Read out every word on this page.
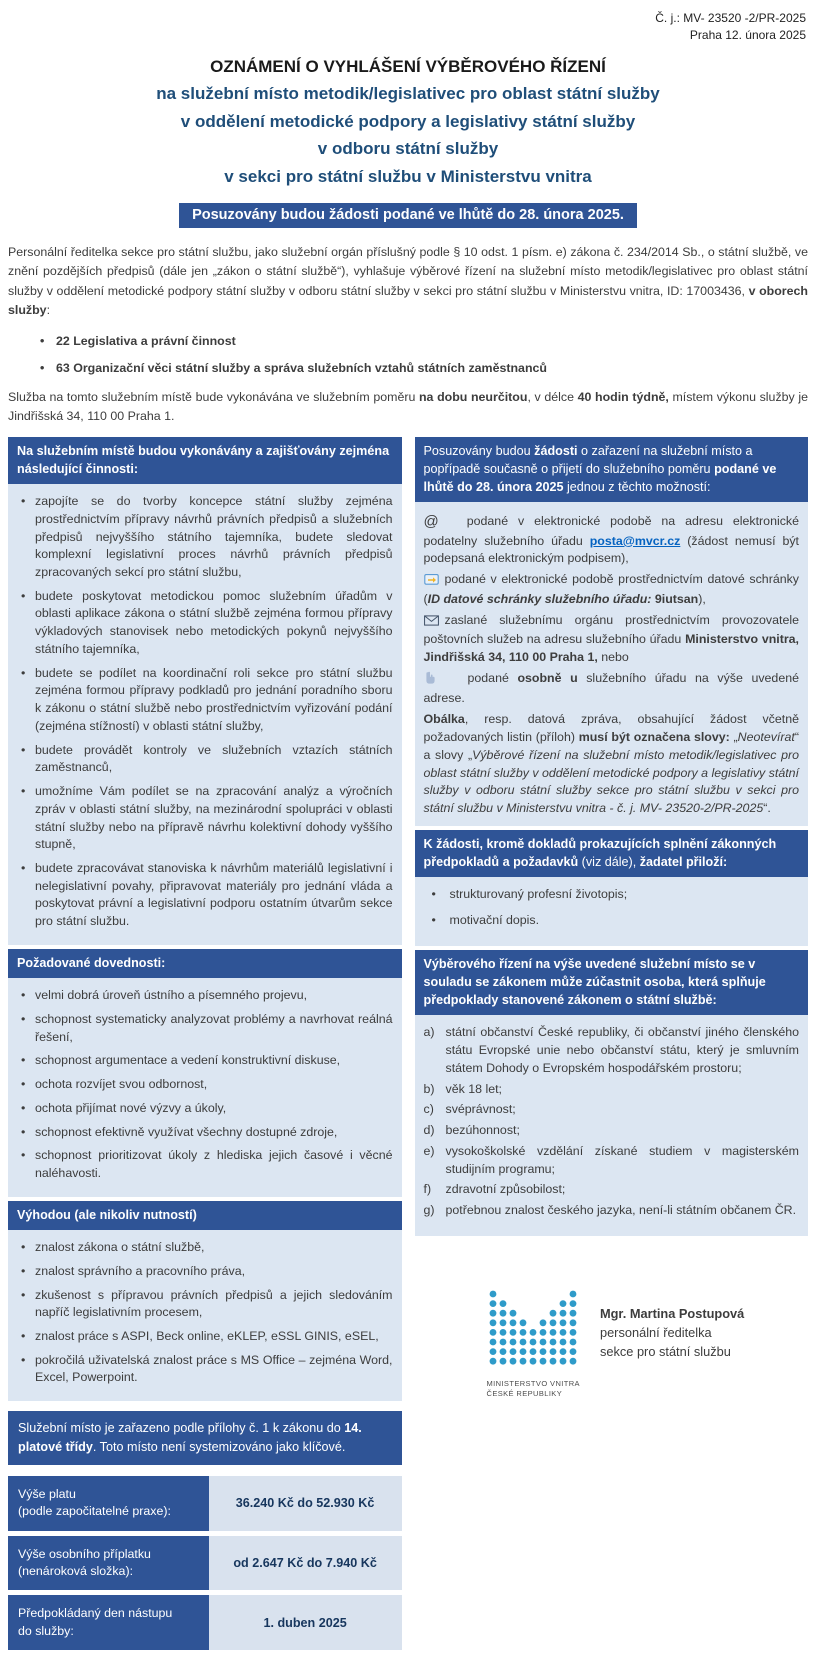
Č. j.: MV- 23520 -2/PR-2025
Praha 12. února 2025
OZNÁMENÍ O VYHLÁŠENÍ VÝBĚROVÉHO ŘÍZENÍ
na služební místo metodik/legislativec pro oblast státní služby
v oddělení metodické podpory a legislativy státní služby
v odboru státní služby
v sekci pro státní službu v Ministerstvu vnitra
Posuzovány budou žádosti podané ve lhůtě do 28. února 2025.

Personální ředitelka sekce pro státní službu, jako služební orgán příslušný podle § 10 odst. 1 písm. e) zákona č. 234/2014 Sb., o státní službě, ve znění pozdějších předpisů (dále jen „zákon o státní službě“), vyhlašuje výběrové řízení na služební místo metodik/legislativec pro oblast státní služby v oddělení metodické podpory státní služby v odboru státní služby v sekci pro státní službu v Ministerstvu vnitra, ID: 17003436, v oborech služby:

• 22 Legislativa a právní činnost
• 63 Organizační věci státní služby a správa služebních vztahů státních zaměstnanců

Služba na tomto služebním místě bude vykonávána ve služebním poměru na dobu neurčitou, v délce 40 hodin týdně, místem výkonu služby je Jindřišská 34, 110 00 Praha 1.

Na služebním místě budou vykonávány a zajišťovány zejména následující činnosti:
• zapojíte se do tvorby koncepce státní služby zejména prostřednictvím přípravy návrhů právních předpisů a služebních předpisů nejvyššího státního tajemníka, budete sledovat komplexní legislativní proces návrhů právních předpisů zpracovaných sekcí pro státní službu,
• budete poskytovat metodickou pomoc služebním úřadům v oblasti aplikace zákona o státní službě zejména formou přípravy výkladových stanovisek nebo metodických pokynů nejvyššího státního tajemníka,
• budete se podílet na koordinační roli sekce pro státní službu zejména formou přípravy podkladů pro jednání poradního sboru k zákonu o státní službě nebo prostřednictvím vyřizování podání (zejména stížností) v oblasti státní služby,
• budete provádět kontroly ve služebních vztazích státních zaměstnanců,
• umožníme Vám podílet se na zpracování analýz a výročních zpráv v oblasti státní služby, na mezinárodní spolupráci v oblasti státní služby nebo na přípravě návrhu kolektivní dohody vyššího stupně,
• budete zpracovávat stanoviska k návrhům materiálů legislativní i nelegislativní povahy, připravovat materiály pro jednání vláda a poskytovat právní a legislativní podporu ostatním útvarům sekce pro státní službu.
Požadované dovednosti:
• velmi dobrá úroveň ústního a písemného projevu,
• schopnost systematicky analyzovat problémy a navrhovat reálná řešení,
• schopnost argumentace a vedení konstruktivní diskuse,
• ochota rozvíjet svou odbornost,
• ochota přijímat nové výzvy a úkoly,
• schopnost efektivně využívat všechny dostupné zdroje,
• schopnost prioritizovat úkoly z hlediska jejich časové i věcné naléhavosti.
Výhodou (ale nikoliv nutností)
• znalost zákona o státní službě,
• znalost správního a pracovního práva,
• zkušenost s přípravou právních předpisů a jejich sledováním napříč legislativním procesem,
• znalost práce s ASPI, Beck online, eKLEP, eSSL GINIS, eSEL,
• pokročilá uživatelská znalost práce s MS Office – zejména Word, Excel, Powerpoint.
Služební místo je zařazeno podle přílohy č. 1 k zákonu do 14. platové třídy. Toto místo není systemizováno jako klíčové.
Výše platu
(podle započitatelné praxe):	36.240 Kč do 52.930 Kč
Výše osobního příplatku
(nenároková složka):	od 2.647 Kč do 7.940 Kč
Předpokládaný den nástupu
do služby:	1. duben 2025
Posuzovány budou žádosti o zařazení na služební místo a popřípadě současně o přijetí do služebního poměru podané ve lhůtě do 28. února 2025 jednou z těchto možností:

@ podané v elektronické podobě na adresu elektronické podatelny služebního úřadu posta@mvcr.cz (žádost nemusí být podepsaná elektronickým podpisem),

podané v elektronické podobě prostřednictvím datové schránky (ID datové schránky služebního úřadu: 9iutsan),

zaslané služebnímu orgánu prostřednictvím provozovatele poštovních služeb na adresu služebního úřadu Ministerstvo vnitra, Jindřišská 34, 110 00 Praha 1, nebo

podané osobně u služebního úřadu na výše uvedené adrese.

Obálka, resp. datová zpráva, obsahující žádost včetně požadovaných listin (příloh) musí být označena slovy: „Neotevírat“ a slovy „Výběrové řízení na služební místo metodik/legislativec pro oblast státní služby v oddělení metodické podpory a legislativy státní služby v odboru státní služby sekce pro státní službu v sekci pro státní službu v Ministerstvu vnitra - č. j. MV- 23520-2/PR-2025“.

K žádosti, kromě dokladů prokazujících splnění zákonných předpokladů a požadavků (viz dále), žadatel přiloží:
• strukturovaný profesní životopis;
• motivační dopis.
Výběrového řízení na výše uvedené služební místo se v souladu se zákonem může zúčastnit osoba, která splňuje předpoklady stanovené zákonem o státní službě:
a) státní občanství České republiky, či občanství jiného členského státu Evropské unie nebo občanství státu, který je smluvním státem Dohody o Evropském hospodářském prostoru;
b) věk 18 let;
c) svéprávnost;
d) bezúhonnost;
e) vysokoškolské vzdělání získané studiem v magisterském studijním programu;
f)	zdravotní způsobilost;
g) potřebnou znalost českého jazyka, není-li státním občanem ČR.
MINISTERSTVO VNITRA
ČESKÉ REPUBLIKY
Mgr. Martina Postupová
personální ředitelka
sekce pro státní službu
